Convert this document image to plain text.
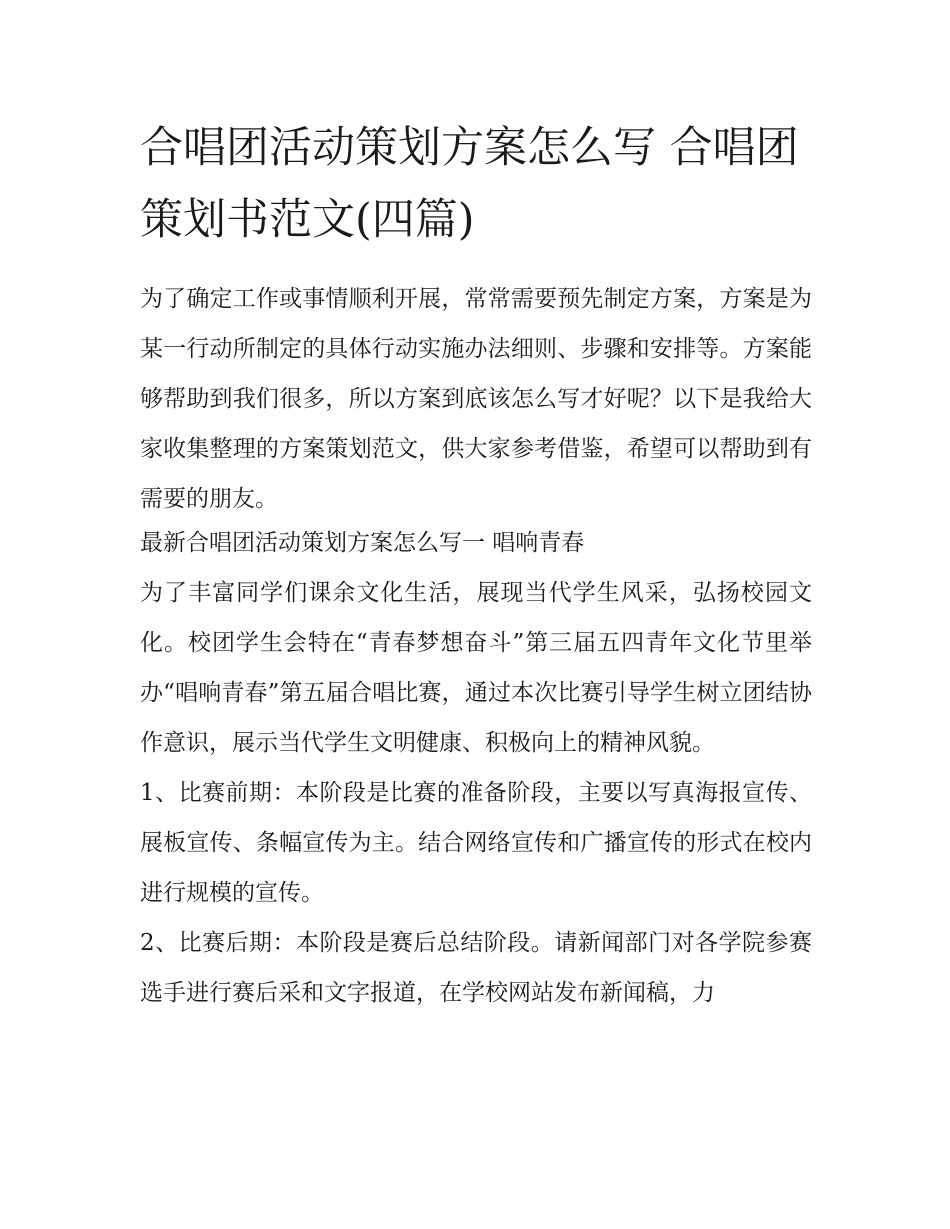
合唱团活动策划方案怎么写 合唱团策划书范文(四篇)

为了确定工作或事情顺利开展，常常需要预先制定方案，方案是为某一行动所制定的具体行动实施办法细则、步骤和安排等。方案能够帮助到我们很多，所以方案到底该怎么写才好呢？以下是我给大家收集整理的方案策划范文，供大家参考借鉴，希望可以帮助到有需要的朋友。

最新合唱团活动策划方案怎么写一 唱响青春

为了丰富同学们课余文化生活，展现当代学生风采，弘扬校园文化。校团学生会特在“青春梦想奋斗”第三届五四青年文化节里举办“唱响青春”第五届合唱比赛，通过本次比赛引导学生树立团结协作意识，展示当代学生文明健康、积极向上的精神风貌。

1、比赛前期：本阶段是比赛的准备阶段，主要以写真海报宣传、展板宣传、条幅宣传为主。结合网络宣传和广播宣传的形式在校内进行规模的宣传。

2、比赛后期：本阶段是赛后总结阶段。请新闻部门对各学院参赛选手进行赛后采和文字报道，在学校网站发布新闻稿，力
